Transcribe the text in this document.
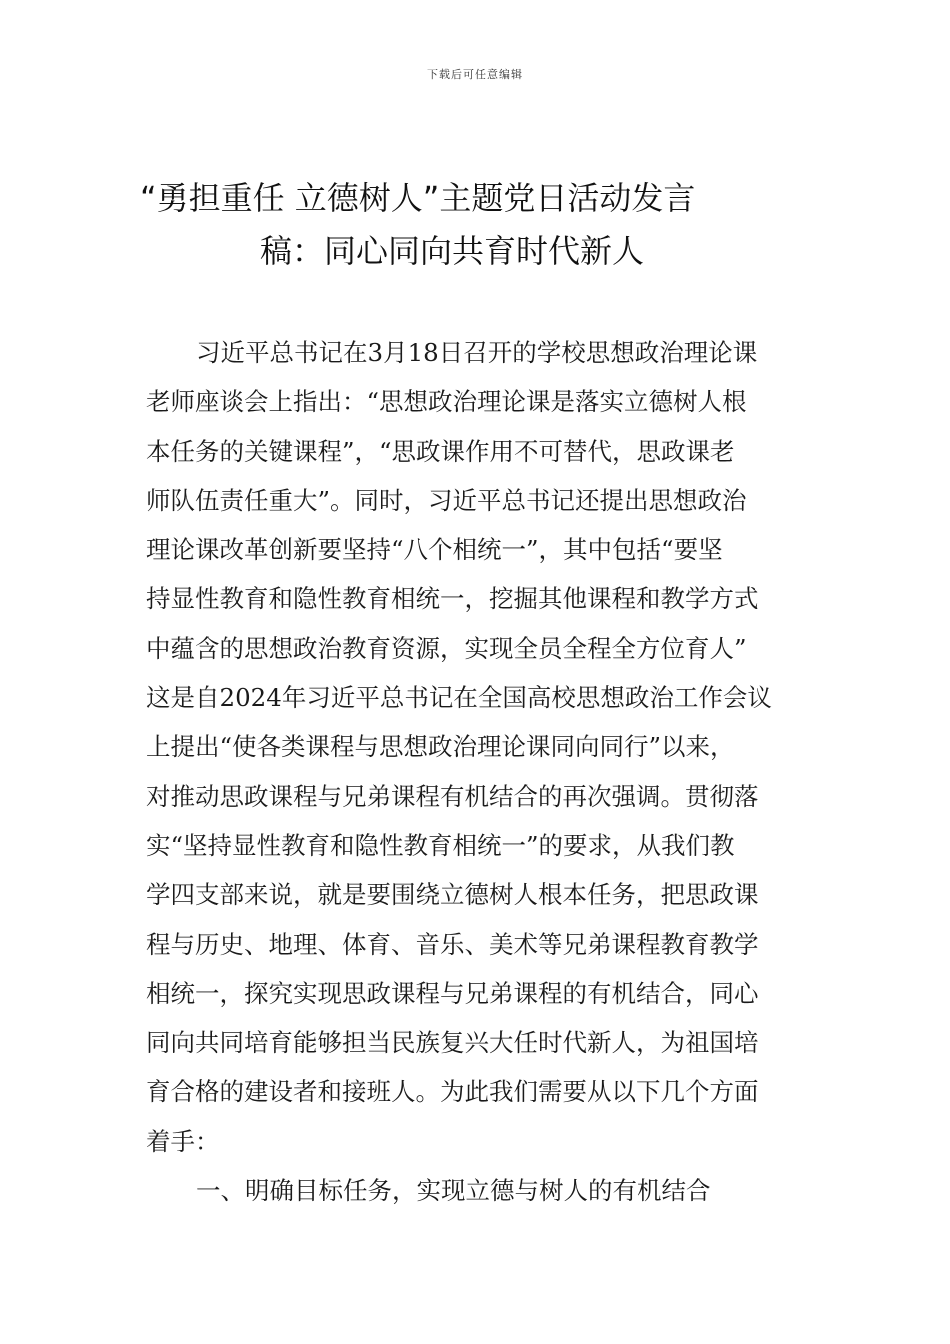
下载后可任意编辑
“勇担重任 立德树人”主题党日活动发言
稿：同心同向共育时代新人
习近平总书记在3月18日召开的学校思想政治理论课
老师座谈会上指出：“思想政治理论课是落实立德树人根
本任务的关键课程”，“思政课作用不可替代，思政课老
师队伍责任重大”。同时，习近平总书记还提出思想政治
理论课改革创新要坚持“八个相统一”，其中包括“要坚
持显性教育和隐性教育相统一，挖掘其他课程和教学方式
中蕴含的思想政治教育资源，实现全员全程全方位育人”
这是自2024年习近平总书记在全国高校思想政治工作会议
上提出“使各类课程与思想政治理论课同向同行”以来，
对推动思政课程与兄弟课程有机结合的再次强调。贯彻落
实“坚持显性教育和隐性教育相统一”的要求，从我们教
学四支部来说，就是要围绕立德树人根本任务，把思政课
程与历史、地理、体育、音乐、美术等兄弟课程教育教学
相统一，探究实现思政课程与兄弟课程的有机结合，同心
同向共同培育能够担当民族复兴大任时代新人，为祖国培
育合格的建设者和接班人。为此我们需要从以下几个方面
着手：
一、明确目标任务，实现立德与树人的有机结合
